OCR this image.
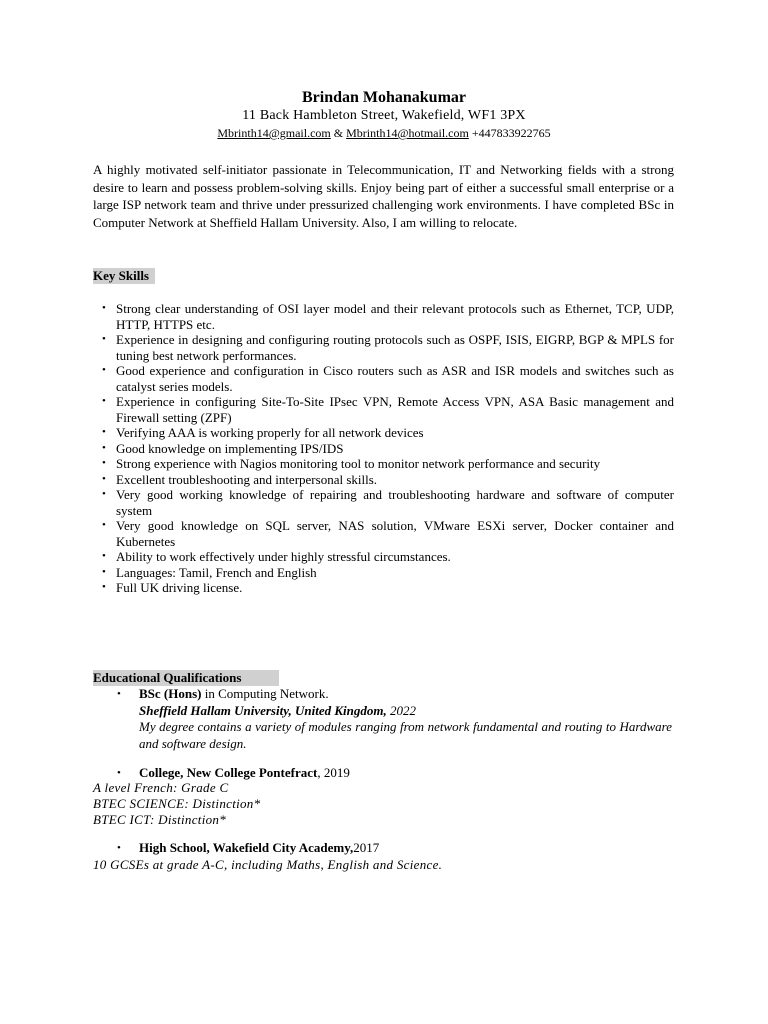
Brindan Mohanakumar
11 Back Hambleton Street, Wakefield, WF1 3PX
Mbrinth14@gmail.com & Mbrinth14@hotmail.com +447833922765

A highly motivated self-initiator passionate in Telecommunication, IT and Networking fields with a strong desire to learn and possess problem-solving skills. Enjoy being part of either a successful small enterprise or a large ISP network team and thrive under pressurized challenging work environments. I have completed BSc in Computer Network at Sheffield Hallam University. Also, I am willing to relocate.

Key Skills
• Strong clear understanding of OSI layer model and their relevant protocols such as Ethernet, TCP, UDP, HTTP, HTTPS etc.
• Experience in designing and configuring routing protocols such as OSPF, ISIS, EIGRP, BGP & MPLS for tuning best network performances.
• Good experience and configuration in Cisco routers such as ASR and ISR models and switches such as catalyst series models.
• Experience in configuring Site-To-Site IPsec VPN, Remote Access VPN, ASA Basic management and Firewall setting (ZPF)
• Verifying AAA is working properly for all network devices
• Good knowledge on implementing IPS/IDS
• Strong experience with Nagios monitoring tool to monitor network performance and security
• Excellent troubleshooting and interpersonal skills.
• Very good working knowledge of repairing and troubleshooting hardware and software of computer system
• Very good knowledge on SQL server, NAS solution, VMware ESXi server, Docker container and Kubernetes
• Ability to work effectively under highly stressful circumstances.
• Languages: Tamil, French and English
• Full UK driving license.
Educational Qualifications
• BSc (Hons) in Computing Network.
Sheffield Hallam University, United Kingdom, 2022
My degree contains a variety of modules ranging from network fundamental and routing to Hardware and software design.
• College, New College Pontefract, 2019
A level French: Grade C
BTEC SCIENCE: Distinction*
BTEC ICT: Distinction*
• High School, Wakefield City Academy,2017
10 GCSEs at grade A-C, including Maths, English and Science.
